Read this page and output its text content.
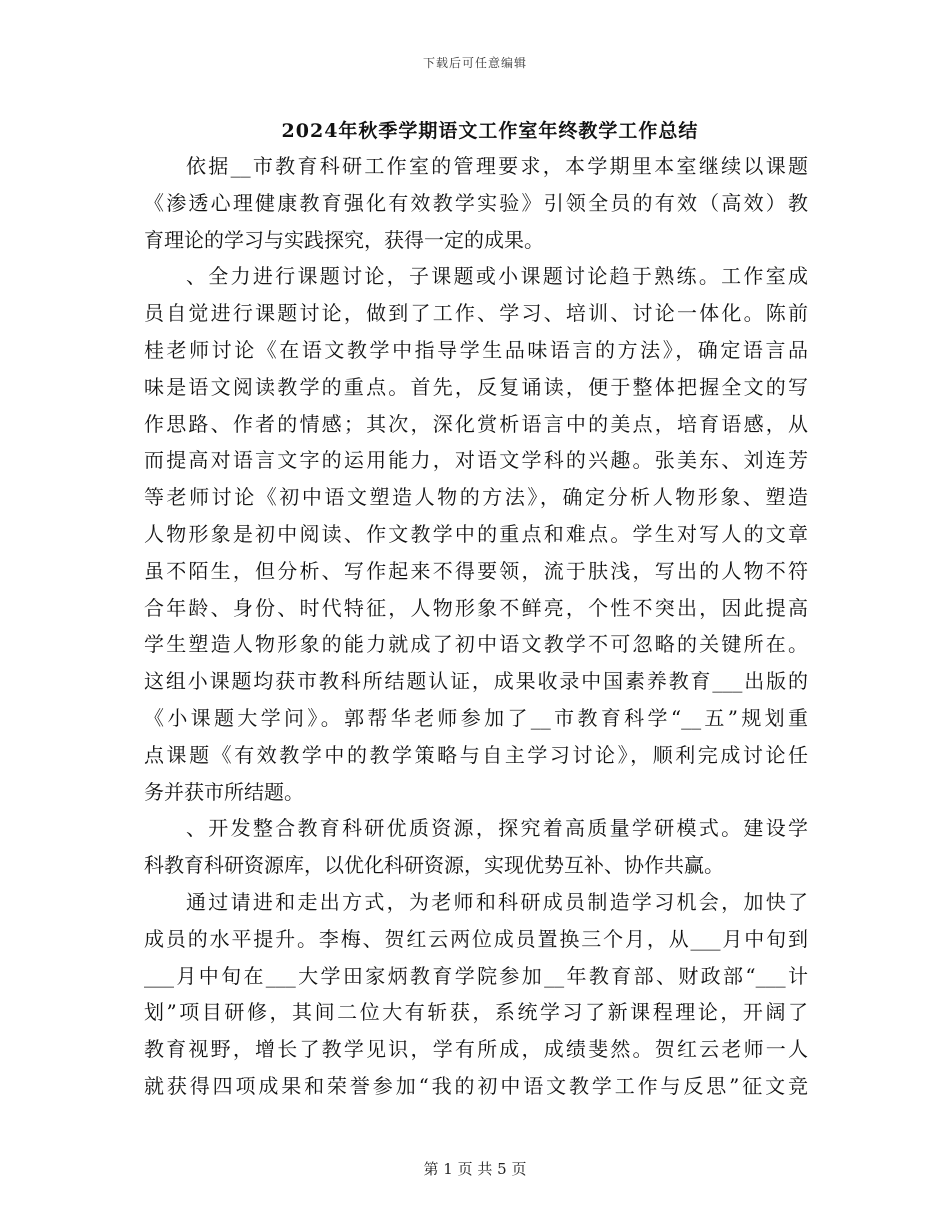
下载后可任意编辑
2024年秋季学期语文工作室年终教学工作总结
依据__市教育科研工作室的管理要求，本学期里本室继续以课题
《渗透心理健康教育强化有效教学实验》引领全员的有效（高效）教
育理论的学习与实践探究，获得一定的成果。
、全力进行课题讨论，子课题或小课题讨论趋于熟练。工作室成
员自觉进行课题讨论，做到了工作、学习、培训、讨论一体化。陈前
桂老师讨论《在语文教学中指导学生品味语言的方法》，确定语言品
味是语文阅读教学的重点。首先，反复诵读，便于整体把握全文的写
作思路、作者的情感；其次，深化赏析语言中的美点，培育语感，从
而提高对语言文字的运用能力，对语文学科的兴趣。张美东、刘连芳
等老师讨论《初中语文塑造人物的方法》，确定分析人物形象、塑造
人物形象是初中阅读、作文教学中的重点和难点。学生对写人的文章
虽不陌生，但分析、写作起来不得要领，流于肤浅，写出的人物不符
合年龄、身份、时代特征，人物形象不鲜亮，个性不突出，因此提高
学生塑造人物形象的能力就成了初中语文教学不可忽略的关键所在。
这组小课题均获市教科所结题认证，成果收录中国素养教育___出版的
《小课题大学问》。郭帮华老师参加了__市教育科学“__五”规划重
点课题《有效教学中的教学策略与自主学习讨论》，顺利完成讨论任
务并获市所结题。
、开发整合教育科研优质资源，探究着高质量学研模式。建设学
科教育科研资源库，以优化科研资源，实现优势互补、协作共赢。
通过请进和走出方式，为老师和科研成员制造学习机会，加快了
成员的水平提升。李梅、贺红云两位成员置换三个月，从___月中旬到
___月中旬在___大学田家炳教育学院参加__年教育部、财政部“___计
划”项目研修，其间二位大有斩获，系统学习了新课程理论，开阔了
教育视野，增长了教学见识，学有所成，成绩斐然。贺红云老师一人
就获得四项成果和荣誉参加“我的初中语文教学工作与反思”征文竞
第 1 页 共 5 页
